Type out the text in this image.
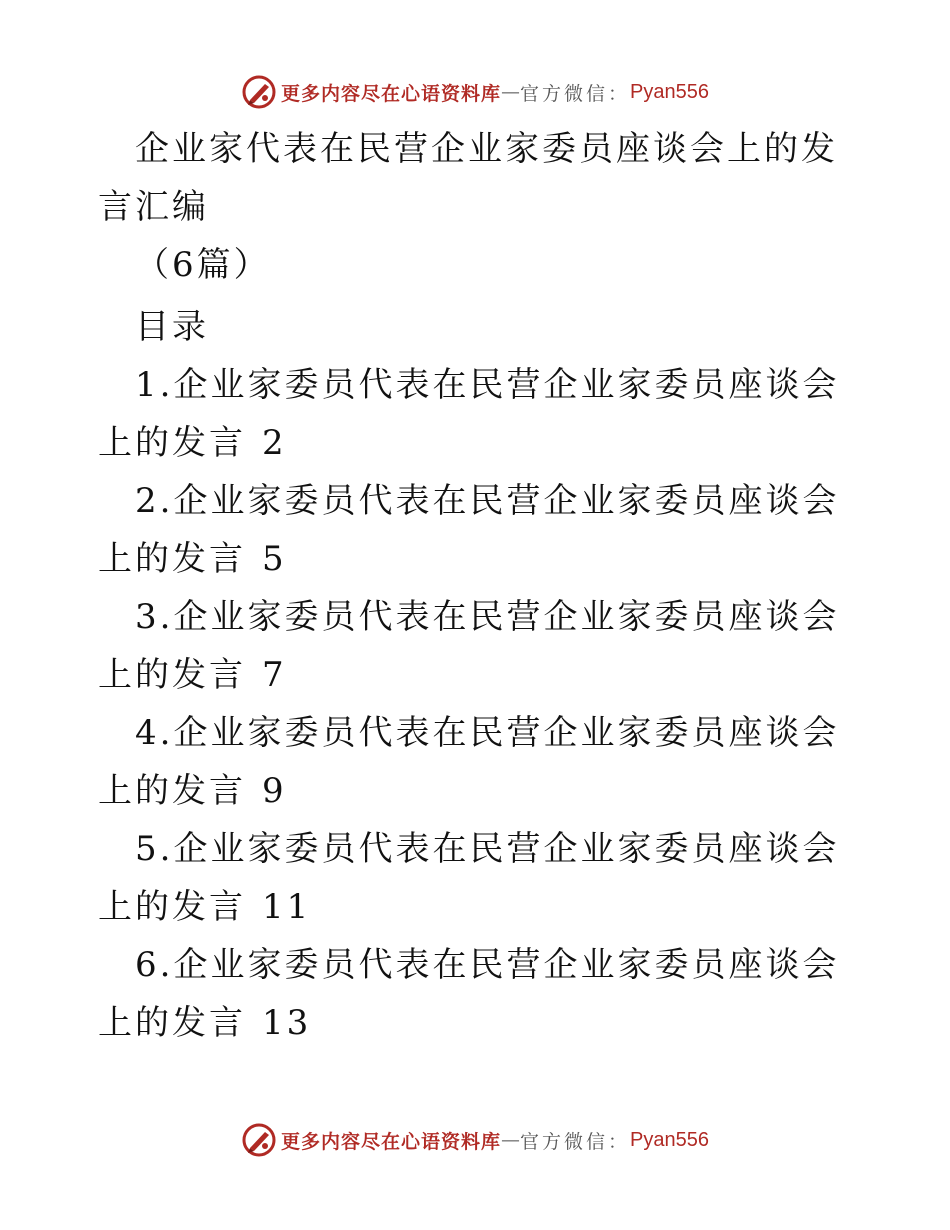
更多内容尽在心语资料库 — 官方微信： Pyan556

企业家代表在民营企业家委员座谈会上的发言汇编

（6篇）

目录

1.企业家委员代表在民营企业家委员座谈会上的发言 2

2.企业家委员代表在民营企业家委员座谈会上的发言 5

3.企业家委员代表在民营企业家委员座谈会上的发言 7

4.企业家委员代表在民营企业家委员座谈会上的发言 9

5.企业家委员代表在民营企业家委员座谈会上的发言 11

6.企业家委员代表在民营企业家委员座谈会上的发言 13

更多内容尽在心语资料库 — 官方微信： Pyan556
